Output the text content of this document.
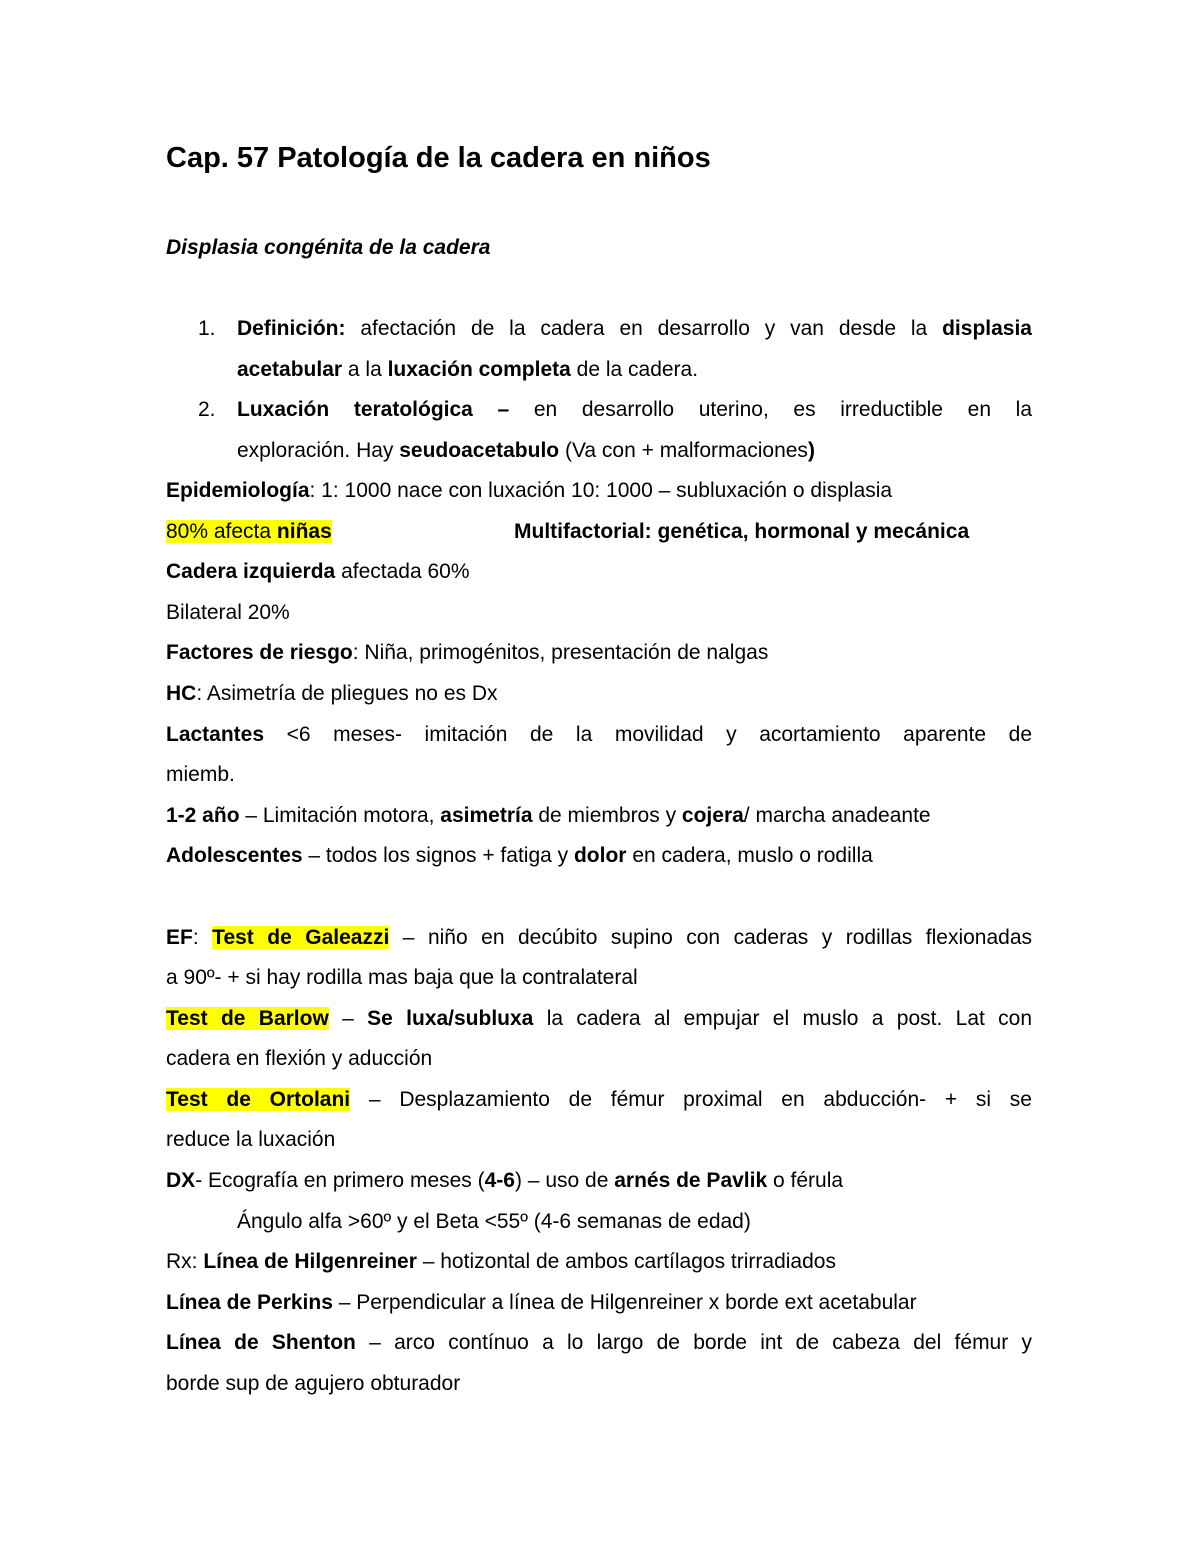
Cap. 57 Patología de la cadera en niños
Displasia congénita de la cadera
1. Definición: afectación de la cadera en desarrollo y van desde la displasia
acetabular a la luxación completa de la cadera.
2. Luxación teratológica – en desarrollo uterino, es irreductible en la
exploración. Hay seudoacetabulo (Va con + malformaciones)
Epidemiología: 1: 1000 nace con luxación 10: 1000 – subluxación o displasia
80% afecta niñas	Multifactorial: genética, hormonal y mecánica
Cadera izquierda afectada 60%
Bilateral 20%
Factores de riesgo: Niña, primogénitos, presentación de nalgas
HC: Asimetría de pliegues no es Dx
Lactantes <6 meses- imitación de la movilidad y acortamiento aparente de
miemb.
1-2 año – Limitación motora, asimetría de miembros y cojera/ marcha anadeante
Adolescentes – todos los signos + fatiga y dolor en cadera, muslo o rodilla
EF: Test de Galeazzi – niño en decúbito supino con caderas y rodillas flexionadas
a 90º- + si hay rodilla mas baja que la contralateral
Test de Barlow – Se luxa/subluxa la cadera al empujar el muslo a post. Lat con
cadera en flexión y aducción
Test de Ortolani – Desplazamiento de fémur proximal en abducción- + si se
reduce la luxación
DX- Ecografía en primero meses (4-6) – uso de arnés de Pavlik o férula
Ángulo alfa >60º y el Beta <55º (4-6 semanas de edad)
Rx: Línea de Hilgenreiner – hotizontal de ambos cartílagos trirradiados
Línea de Perkins – Perpendicular a línea de Hilgenreiner x borde ext acetabular
Línea de Shenton – arco contínuo a lo largo de borde int de cabeza del fémur y
borde sup de agujero obturador
